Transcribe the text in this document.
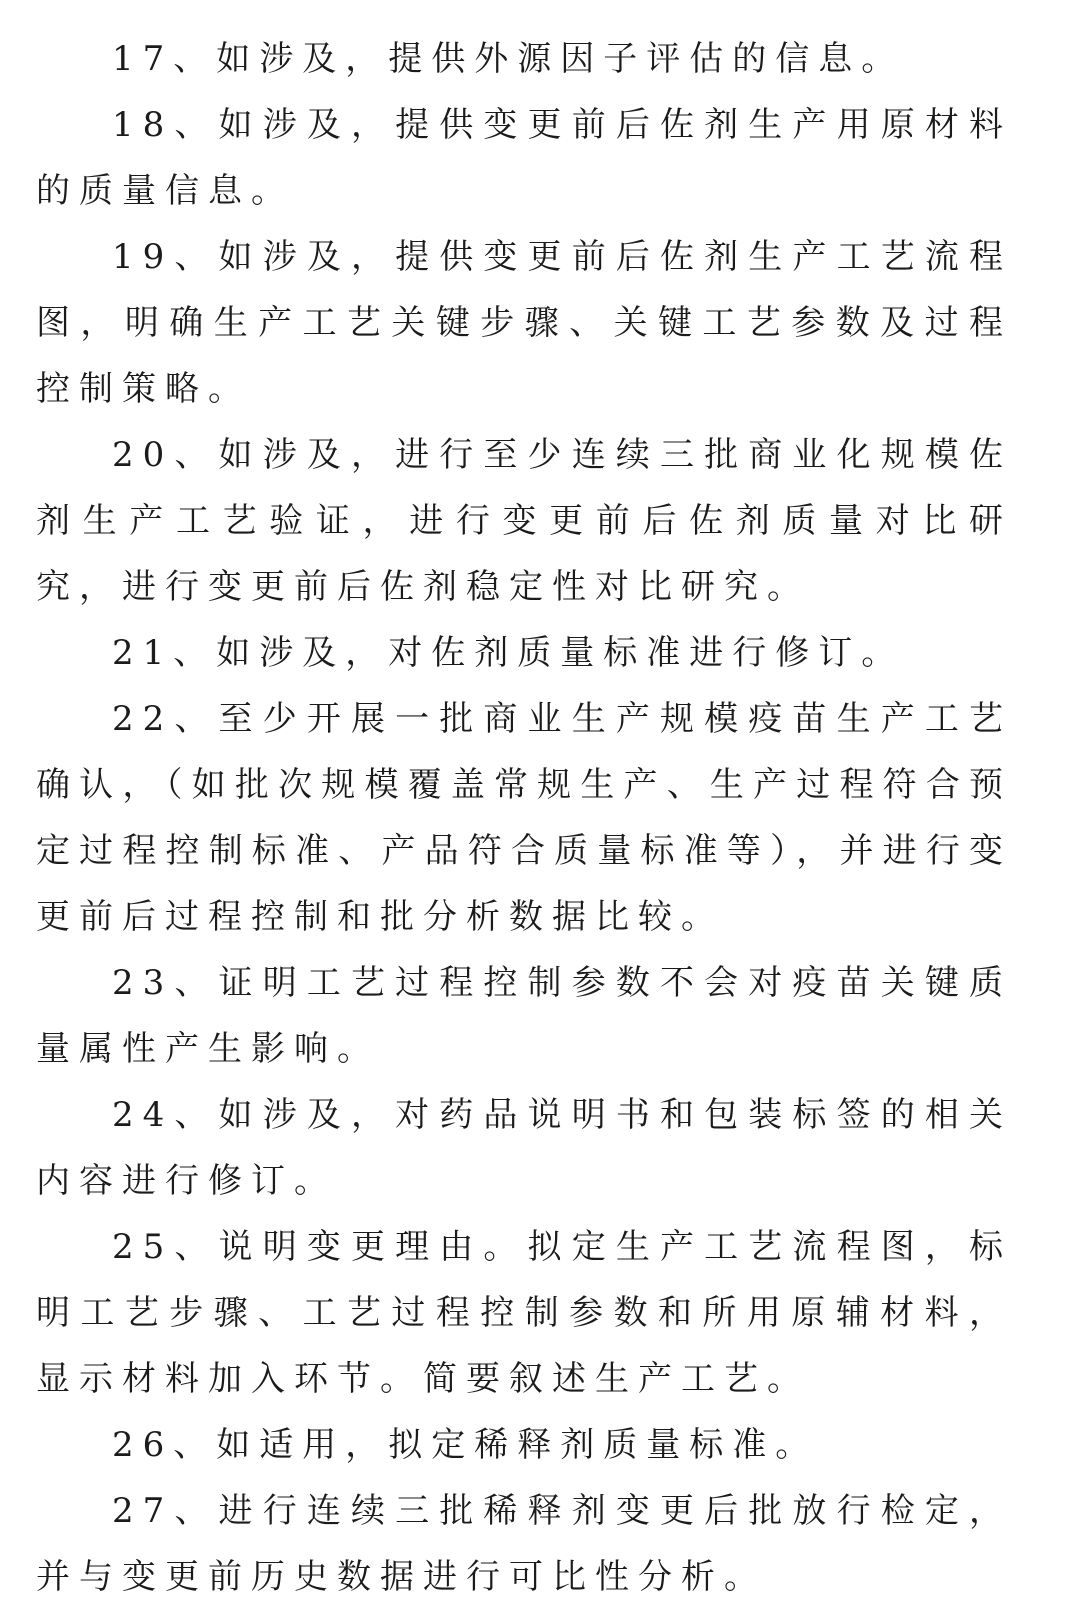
17、如涉及，提供外源因子评估的信息。

18、如涉及，提供变更前后佐剂生产用原材料的质量信息。

19、如涉及，提供变更前后佐剂生产工艺流程图，明确生产工艺关键步骤、关键工艺参数及过程控制策略。

20、如涉及，进行至少连续三批商业化规模佐剂生产工艺验证，进行变更前后佐剂质量对比研究，进行变更前后佐剂稳定性对比研究。

21、如涉及，对佐剂质量标准进行修订。

22、至少开展一批商业生产规模疫苗生产工艺确认，（如批次规模覆盖常规生产、生产过程符合预定过程控制标准、产品符合质量标准等），并进行变更前后过程控制和批分析数据比较。

23、证明工艺过程控制参数不会对疫苗关键质量属性产生影响。

24、如涉及，对药品说明书和包装标签的相关内容进行修订。

25、说明变更理由。拟定生产工艺流程图，标明工艺步骤、工艺过程控制参数和所用原辅材料，显示材料加入环节。简要叙述生产工艺。

26、如适用，拟定稀释剂质量标准。

27、进行连续三批稀释剂变更后批放行检定，并与变更前历史数据进行可比性分析。
